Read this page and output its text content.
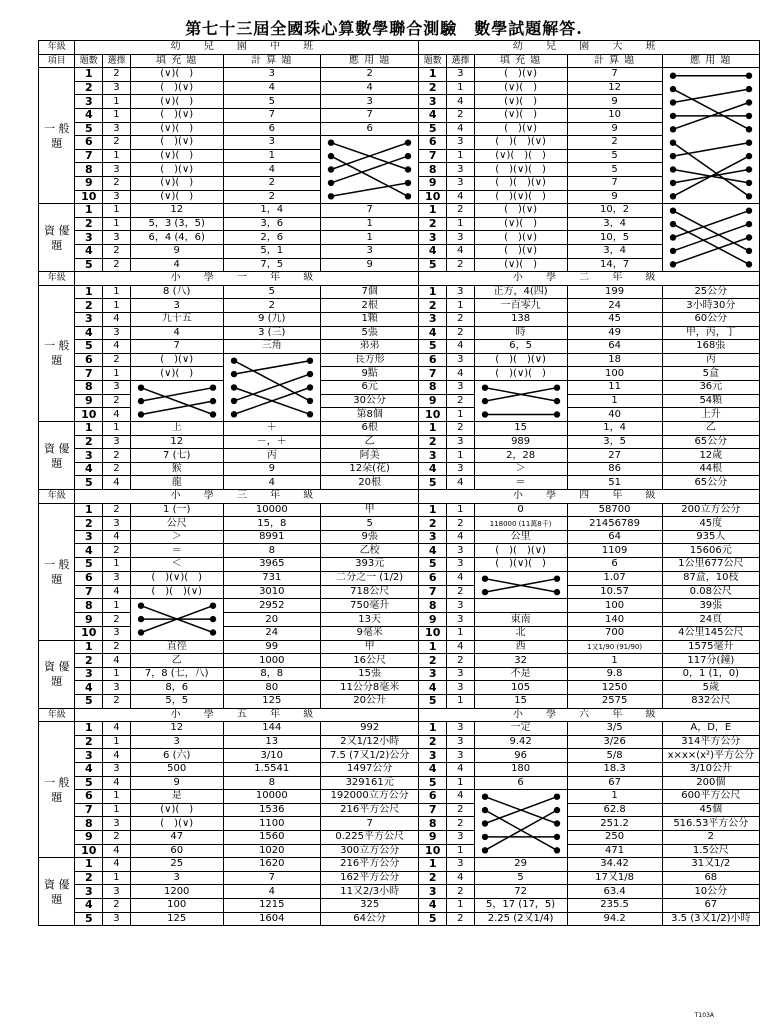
第七十三屆全國珠心算數學聯合測驗　數學試題解答.
年級	幼 兒 園 中 班					幼 兒 園 大 班				
項目	題數	選擇	填 充 題	計 算 題	應 用 題	題數	選擇	填 充 題	計 算 題	應 用 題
一 般 題	1	2	(∨)(　)	3	2	1	3	(　)(∨)	7	

	2	3	(　)(∨)	4	4	2	1	(∨)(　)	12	
	3	1	(∨)(　)	5	3	3	4	(∨)(　)	9	
	4	1	(　)(∨)	7	7	4	2	(∨)(　)	10	
	5	3	(∨)(　)	6	6	5	4	(　)(∨)	9	
	6	2	(　)(∨)	3		6	3	(　)(　)(∨)	2	
	7	1	(∨)(　)	1		7	1	(∨)(　)(　)	5	
	8	3	(　)(∨)	4		8	3	(　)(∨)(　)	5	
	9	2	(∨)(　)	2		9	3	(　)(　)(∨)	7	
	10	3	(∨)(　)	2		10	4	(　)(∨)(　)	9	
資 優 題	1	1	12	1，4	7	1	2	(　)(∨)	10，2	

	2	1	5，3 (3，5)	3，6	1	2	1	(∨)(　)	3，4	
	3	3	6，4 (4，6)	2，6	1	3	3	(　)(∨)	10，5	
	4	2	9	5，1	3	4	4	(　)(∨)	3，4	
	5	2	4	7，5	9	5	2	(∨)(　)	14，7	
年級	小 學 一 年 級					小 學 二 年 級				
一 般 題	1	1	8 (八)	5	7個	1	3	正方，4(四)	199	25公分
	2	1	3	2	2根	2	1	一百零九	24	3小時30分
	3	4	九十五	9 (九)	1顆	3	2	138	45	60公分
	4	3	4	3 (三)	5張	4	2	時	49	甲，丙，丁
	5	4	7	三角	弟弟	5	4	6，5	64	168張
	6	2	(　)(∨)		長方形	6	3	(　)(　)(∨)	18	丙
	7	1	(∨)(　)		9點	7	4	(　)(∨)(　)	100	5盒
	8	3			6元	8	3		11	36元
	9	2			30公分	9	2		1	54顆
	10	4			第8個	10	1		40	上升
資 優 題	1	1	上	＋	6根	1	2	15	1，4	乙
	2	3	12	－，＋	乙	2	3	989	3，5	65公分
	3	2	7 (七)	丙	阿美	3	1	2，28	27	12歲
	4	2	猴	9	12朵(花)	4	3	＞	86	44根
	5	4	龍	4	20根	5	4	＝	51	65公分
年級	小 學 三 年 級					小 學 四 年 級				
一 般 題	1	2	1 (一)	10000	甲	1	1	0	58700	200立方公分
	2	3	公尺	15，8	5	2	2	118000 (11萬8千)	21456789	45度
	3	4	＞	8991	9張	3	4	公里	64	935人
	4	2	＝	8	乙校	4	3	(　)(　)(∨)	1109	15606元
	5	1	＜	3965	393元	5	3	(　)(∨)(　)	6	1公里677公尺
	6	3	(　)(∨)(　)	731	二分之一 (1/2)	6	4		1.07	87盒，10枝
	7	4	(　)(　)(∨)	3010	718公尺	7	2		10.57	0.08公尺
	8	1		2952	750毫升	8	3		100	39張
	9	2		20	13天	9	3	東南	140	24頁
	10	3		24	9毫米	10	1	北	700	4公里145公尺
資 優 題	1	2	直徑	99	甲	1	4	西	1又1/90 (91/90)	1575毫升
	2	4	乙	1000	16公尺	2	2	32	1	117分(鐘)
	3	1	7，8 (七，八)	8，8	15張	3	3	不是	9.8	0，1 (1，0)
	4	3	8，6	80	11公分8毫米	4	3	105	1250	5歲
	5	2	5，5	125	20公升	5	1	15	2575	832公尺
年級	小 學 五 年 級					小 學 六 年 級				
一 般 題	1	4	12	144	992	1	3	一定	3/5	A，D，E
	2	1	3	13	2又1/12小時	2	3	9.42	3/26	314平方公分
	3	4	6 (六)	3/10	7.5 (7又1/2)公分	3	3	96	5/8	x×x×(x²)平方公分
	4	3	500	1.5541	1497公分	4	4	180	18.3	3/10公升
	5	4	9	8	329161元	5	1	6	67	200個
	6	1	是	10000	192000立方公分	6	4		1	600平方公尺
	7	1	(∨)(　)	1536	216平方公尺	7	2		62.8	45個
	8	3	(　)(∨)	1100	7	8	2		251.2	516.53平方公分
	9	2	47	1560	0.225平方公尺	9	3		250	2
	10	4	60	1020	300立方公分	10	1		471	1.5公尺
資 優 題	1	4	25	1620	216平方公分	1	3	29	34.42	31又1/2
	2	1	3	7	162平方公分	2	4	5	17又1/8	68
	3	3	1200	4	11又2/3小時	3	2	72	63.4	10公分
	4	2	100	1215	325	4	1	5，17 (17，5)	235.5	67
	5	3	125	1604	64公分	5	2	2.25 (2又1/4)	94.2	3.5 (3又1/2)小時
T103A
